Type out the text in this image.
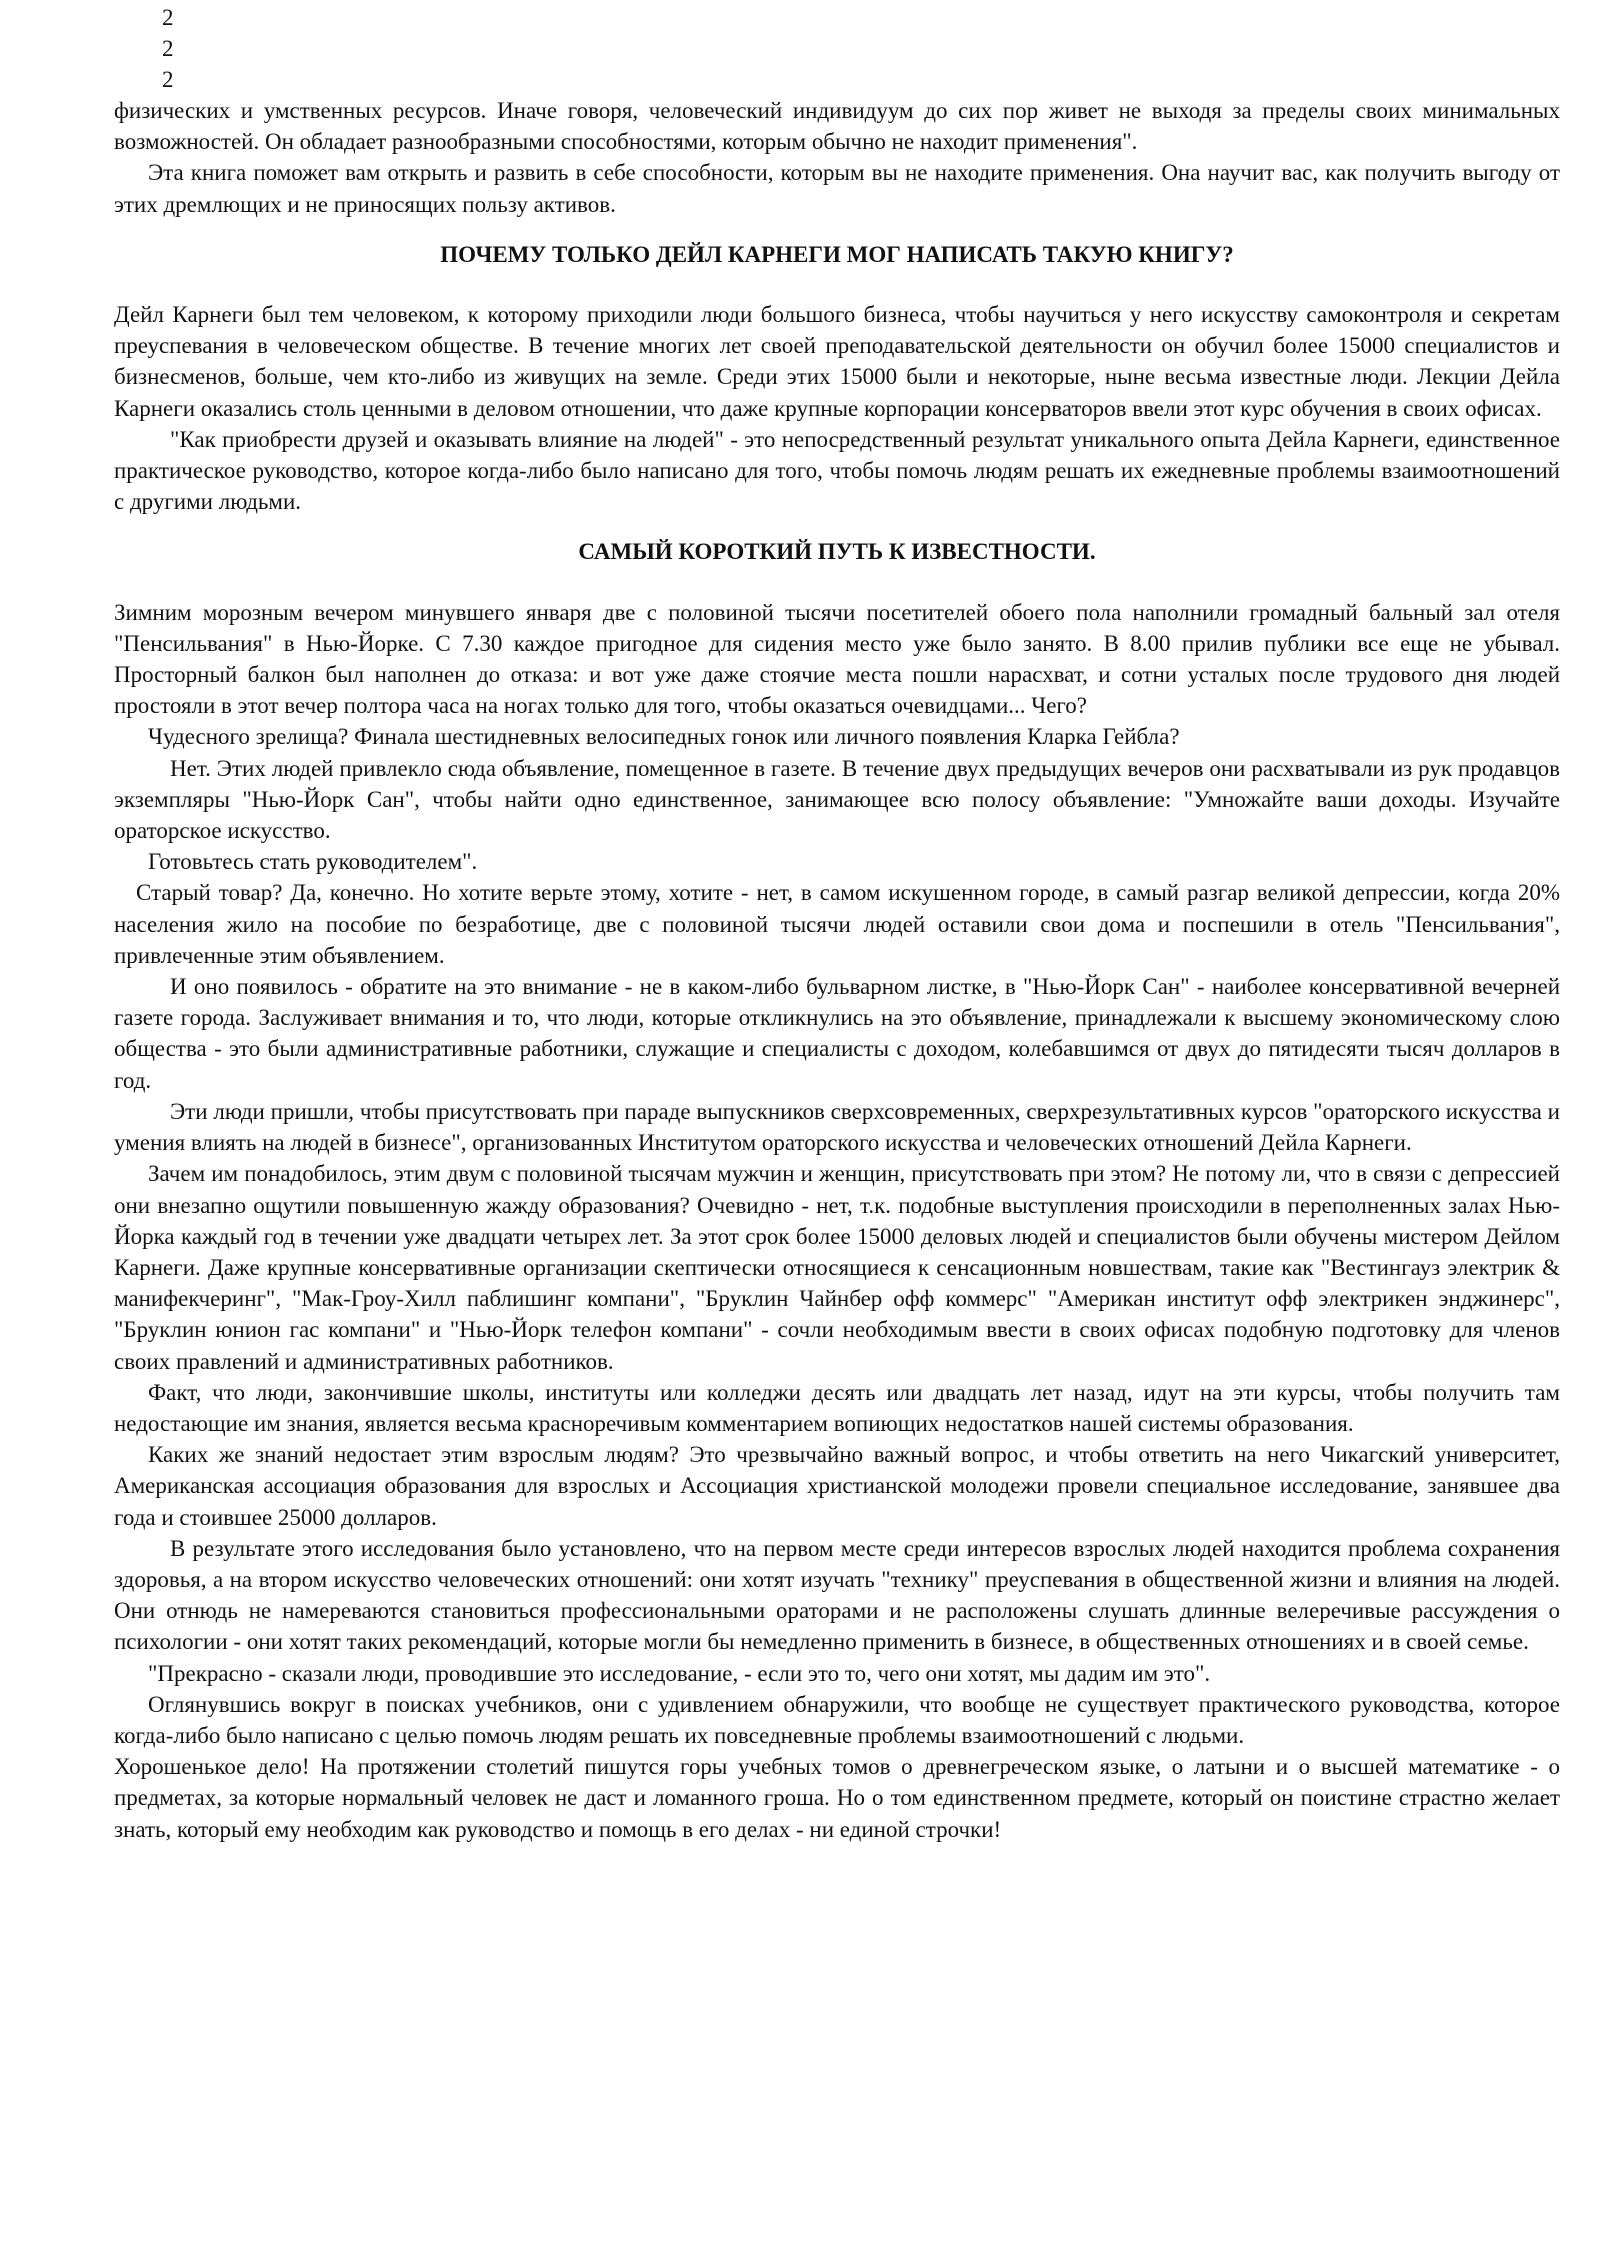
2
2
2

физических и умственных ресурсов. Иначе говоря, человеческий индивидуум до сих пор живет не выходя за пределы своих минимальных возможностей. Он обладает разнообразными способностями, которым обычно не находит применения".

Эта книга поможет вам открыть и развить в себе способности, которым вы не находите применения. Она научит вас, как получить выгоду от этих дремлющих и не приносящих пользу активов.

ПОЧЕМУ ТОЛЬКО ДЕЙЛ КАРНЕГИ МОГ НАПИСАТЬ ТАКУЮ КНИГУ?

Дейл Карнеги был тем человеком, к которому приходили люди большого бизнеса, чтобы научиться у него искусству самоконтроля и секретам преуспевания в человеческом обществе. В течение многих лет своей преподавательской деятельности он обучил более 15000 специалистов и бизнесменов, больше, чем кто-либо из живущих на земле. Среди этих 15000 были и некоторые, ныне весьма известные люди. Лекции Дейла Карнеги оказались столь ценными в деловом отношении, что даже крупные корпорации консерваторов ввели этот курс обучения в своих офисах.

"Как приобрести друзей и оказывать влияние на людей" - это непосредственный результат уникального опыта Дейла Карнеги, единственное практическое руководство, которое когда-либо было написано для того, чтобы помочь людям решать их ежедневные проблемы взаимоотношений с другими людьми.

САМЫЙ КОРОТКИЙ ПУТЬ К ИЗВЕСТНОСТИ.

Зимним морозным вечером минувшего января две с половиной тысячи посетителей обоего пола наполнили громадный бальный зал отеля "Пенсильвания" в Нью-Йорке. С 7.30 каждое пригодное для сидения место уже было занято. В 8.00 прилив публики все еще не убывал. Просторный балкон был наполнен до отказа: и вот уже даже стоячие места пошли нарасхват, и сотни усталых после трудового дня людей простояли в этот вечер полтора часа на ногах только для того, чтобы оказаться очевидцами... Чего?

Чудесного зрелища? Финала шестидневных велосипедных гонок или личного появления Кларка Гейбла?

Нет. Этих людей привлекло сюда объявление, помещенное в газете. В течение двух предыдущих вечеров они расхватывали из рук продавцов экземпляры "Нью-Йорк Сан", чтобы найти одно единственное, занимающее всю полосу объявление: "Умножайте ваши доходы. Изучайте ораторское искусство.

Готовьтесь стать руководителем".

Старый товар? Да, конечно. Но хотите верьте этому, хотите - нет, в самом искушенном городе, в самый разгар великой депрессии, когда 20% населения жило на пособие по безработице, две с половиной тысячи людей оставили свои дома и поспешили в отель "Пенсильвания", привлеченные этим объявлением.

И оно появилось - обратите на это внимание - не в каком-либо бульварном листке, в "Нью-Йорк Сан" - наиболее консервативной вечерней газете города. Заслуживает внимания и то, что люди, которые откликнулись на это объявление, принадлежали к высшему экономическому слою общества - это были административные работники, служащие и специалисты с доходом, колебавшимся от двух до пятидесяти тысяч долларов в год.

Эти люди пришли, чтобы присутствовать при параде выпускников сверхсовременных, сверхрезультативных курсов "ораторского искусства и умения влиять на людей в бизнесе", организованных Институтом ораторского искусства и человеческих отношений Дейла Карнеги.

Зачем им понадобилось, этим двум с половиной тысячам мужчин и женщин, присутствовать при этом? Не потому ли, что в связи с депрессией они внезапно ощутили повышенную жажду образования? Очевидно - нет, т.к. подобные выступления происходили в переполненных залах Нью-Йорка каждый год в течении уже двадцати четырех лет. За этот срок более 15000 деловых людей и специалистов были обучены мистером Дейлом Карнеги. Даже крупные консервативные организации скептически относящиеся к сенсационным новшествам, такие как "Вестингауз электрик & манифекчеринг", "Мак-Гроу-Хилл паблишинг компани", "Бруклин Чайнбер офф коммерс" "Американ институт офф электрикен энджинерс", "Бруклин юнион гас компани" и "Нью-Йорк телефон компани" - сочли необходимым ввести в своих офисах подобную подготовку для членов своих правлений и административных работников.

Факт, что люди, закончившие школы, институты или колледжи десять или двадцать лет назад, идут на эти курсы, чтобы получить там недостающие им знания, является весьма красноречивым комментарием вопиющих недостатков нашей системы образования.

Каких же знаний недостает этим взрослым людям? Это чрезвычайно важный вопрос, и чтобы ответить на него Чикагский университет, Американская ассоциация образования для взрослых и Ассоциация христианской молодежи провели специальное исследование, занявшее два года и стоившее 25000 долларов.

В результате этого исследования было установлено, что на первом месте среди интересов взрослых людей находится проблема сохранения здоровья, а на втором искусство человеческих отношений: они хотят изучать "технику" преуспевания в общественной жизни и влияния на людей. Они отнюдь не намереваются становиться профессиональными ораторами и не расположены слушать длинные велеречивые рассуждения о психологии - они хотят таких рекомендаций, которые могли бы немедленно применить в бизнесе, в общественных отношениях и в своей семье.

"Прекрасно - сказали люди, проводившие это исследование, - если это то, чего они хотят, мы дадим им это".

Оглянувшись вокруг в поисках учебников, они с удивлением обнаружили, что вообще не существует практического руководства, которое когда-либо было написано с целью помочь людям решать их повседневные проблемы взаимоотношений с людьми.

Хорошенькое дело! На протяжении столетий пишутся горы учебных томов о древнегреческом языке, о латыни и о высшей математике - о предметах, за которые нормальный человек не даст и ломанного гроша. Но о том единственном предмете, который он поистине страстно желает знать, который ему необходим как руководство и помощь в его делах - ни единой строчки!
